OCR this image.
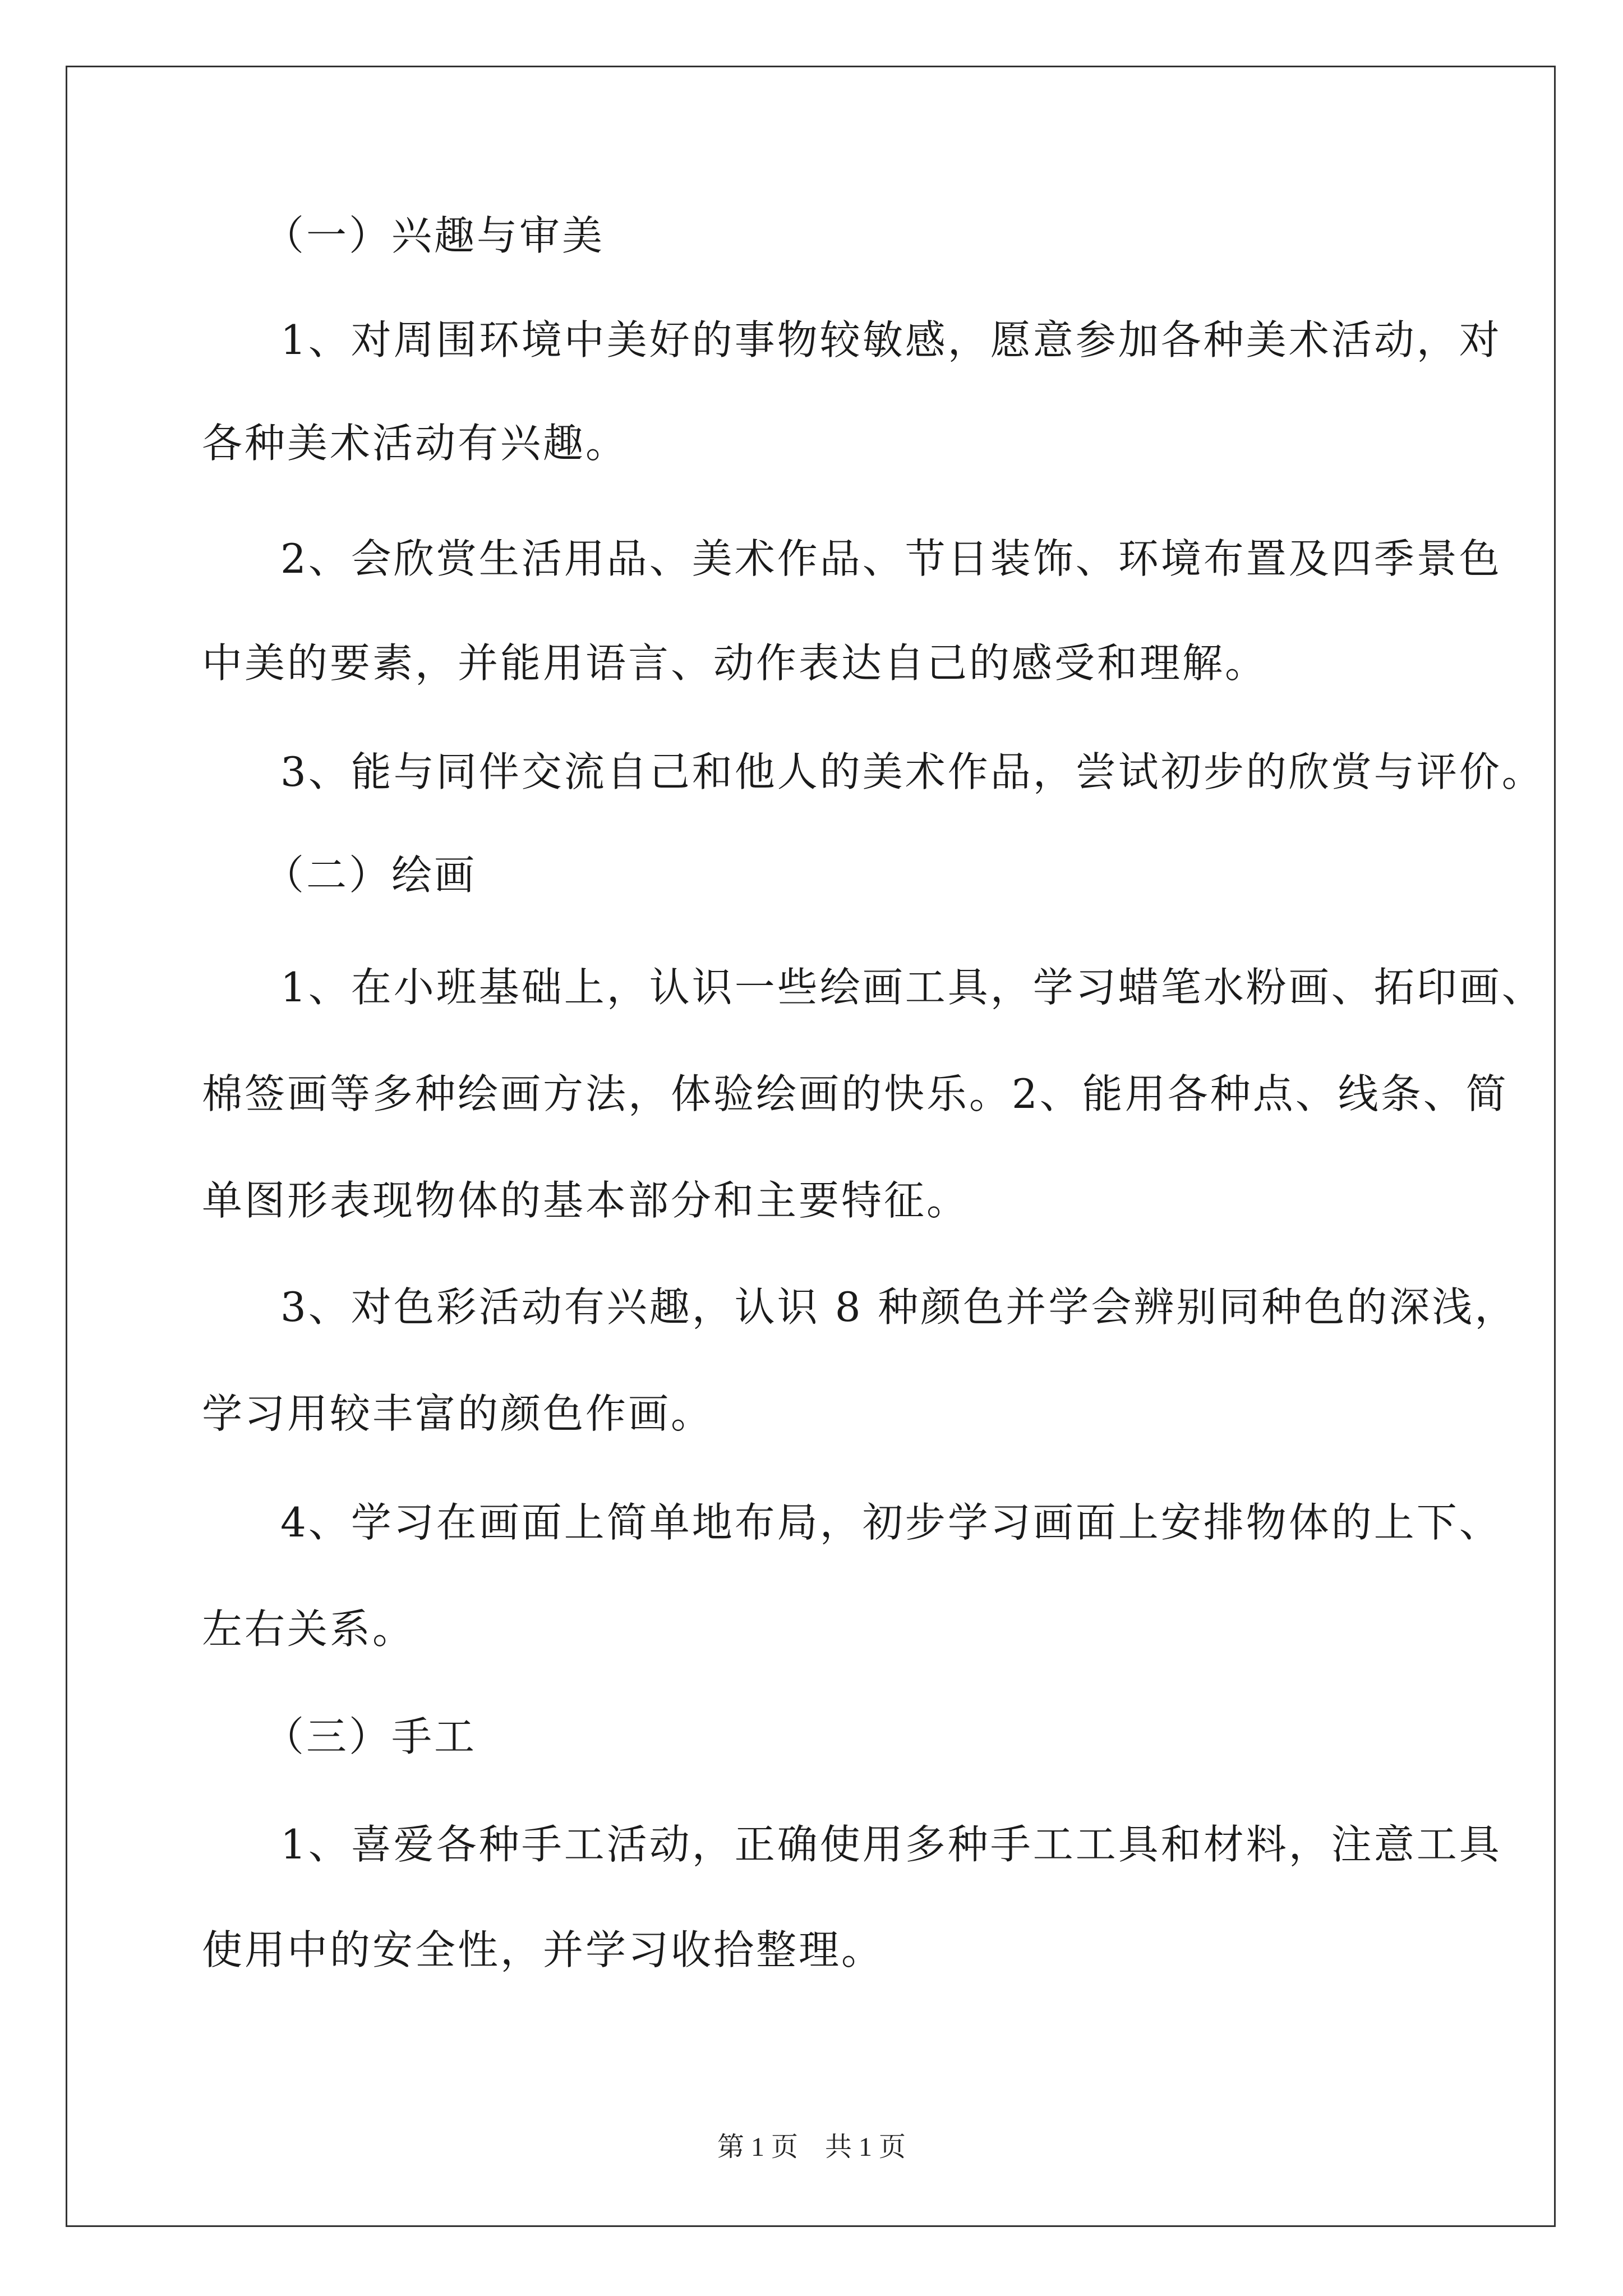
（一）兴趣与审美
1、对周围环境中美好的事物较敏感，愿意参加各种美术活动，对
各种美术活动有兴趣。
2、会欣赏生活用品、美术作品、节日装饰、环境布置及四季景色
中美的要素，并能用语言、动作表达自己的感受和理解。
3、能与同伴交流自己和他人的美术作品，尝试初步的欣赏与评价。
（二）绘画
1、在小班基础上，认识一些绘画工具，学习蜡笔水粉画、拓印画、
棉签画等多种绘画方法，体验绘画的快乐。2、能用各种点、线条、简
单图形表现物体的基本部分和主要特征。
3、对色彩活动有兴趣，认识 8 种颜色并学会辨别同种色的深浅，
学习用较丰富的颜色作画。
4、学习在画面上简单地布局，初步学习画面上安排物体的上下、
左右关系。
（三）手工
1、喜爱各种手工活动，正确使用多种手工工具和材料，注意工具
使用中的安全性，并学习收拾整理。
第 1 页　共 1 页
